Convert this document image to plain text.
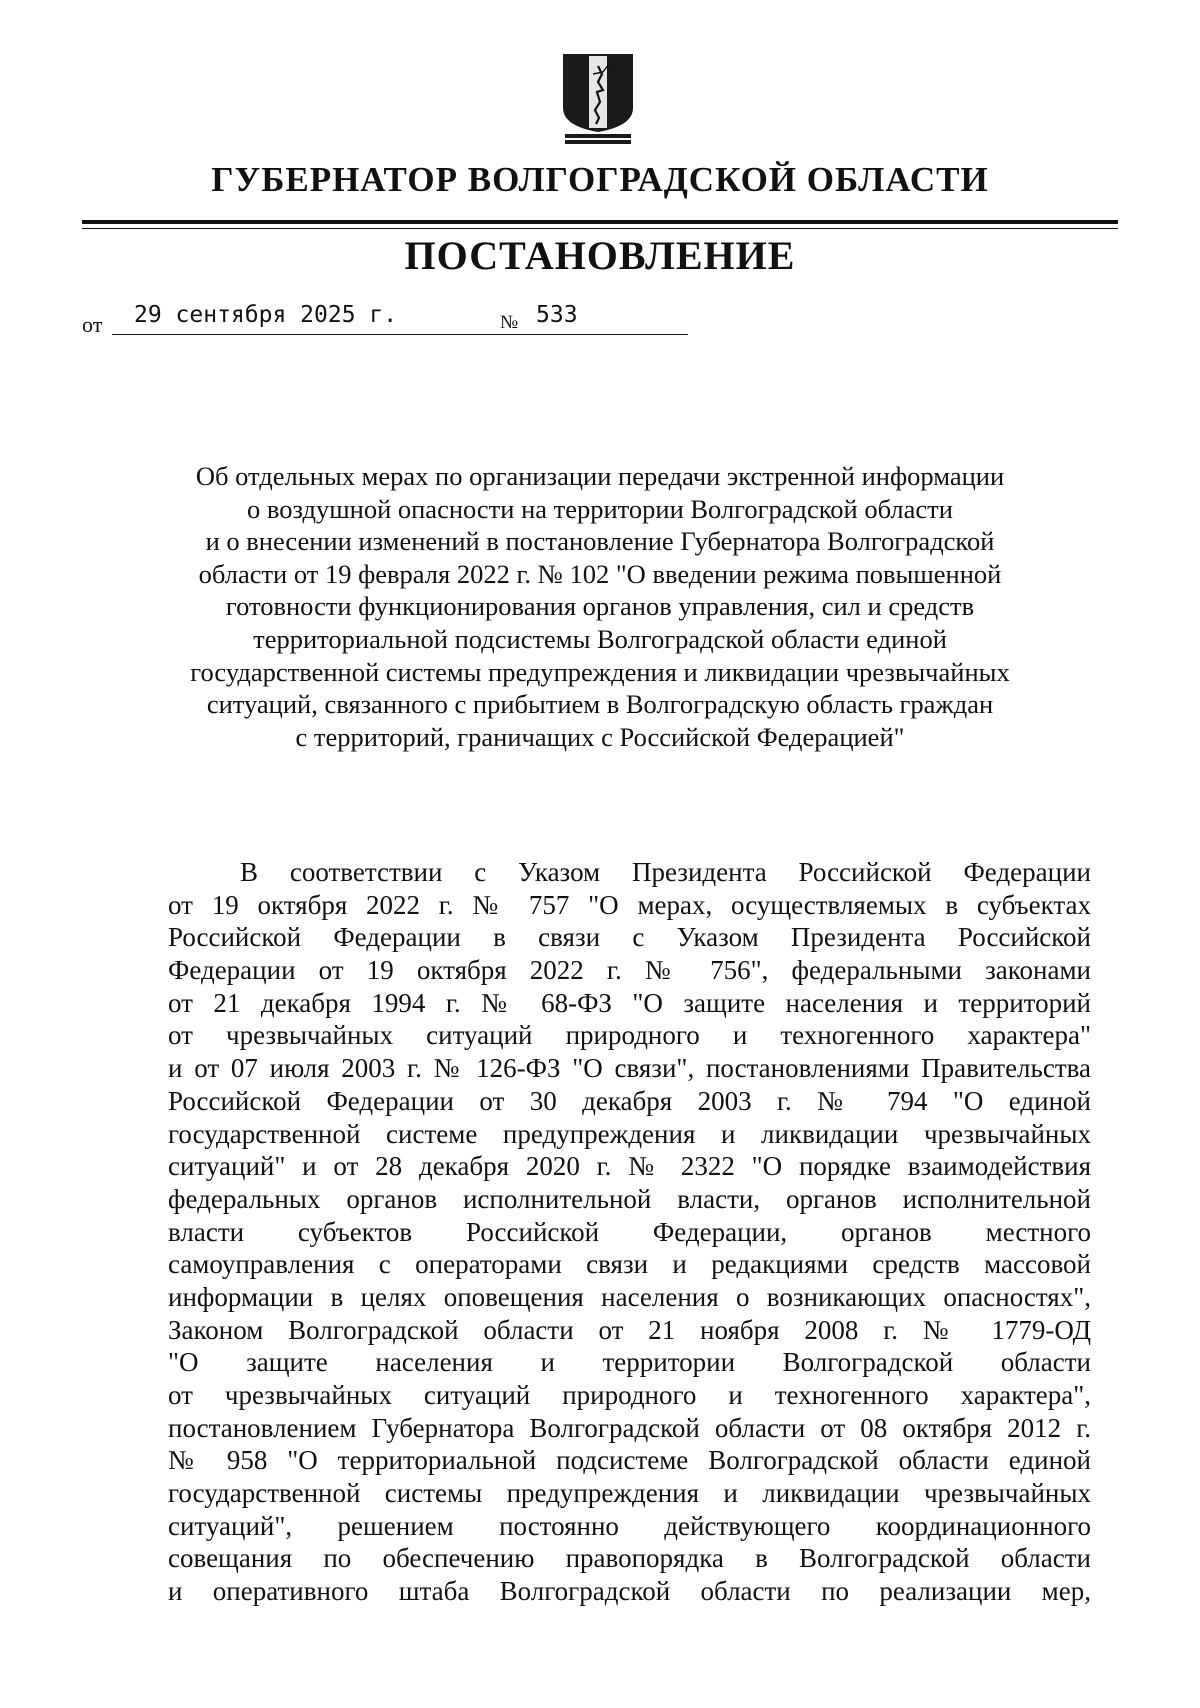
ГУБЕРНАТОР ВОЛГОГРАДСКОЙ ОБЛАСТИ
ПОСТАНОВЛЕНИЕ
от 29 сентября 2025 г.	№ 533
Об отдельных мерах по организации передачи экстренной информации
о воздушной опасности на территории Волгоградской области
и о внесении изменений в постановление Губернатора Волгоградской
области от 19 февраля 2022 г. № 102 "О введении режима повышенной
готовности функционирования органов управления, сил и средств
территориальной подсистемы Волгоградской области единой
государственной системы предупреждения и ликвидации чрезвычайных
ситуаций, связанного с прибытием в Волгоградскую область граждан
с территорий, граничащих с Российской Федерацией"
В соответствии с Указом Президента Российской Федерации
от 19 октября 2022 г. № 757 "О мерах, осуществляемых в субъектах
Российской Федерации в связи с Указом Президента Российской
Федерации от 19 октября 2022 г. № 756", федеральными законами
от 21 декабря 1994 г. № 68-ФЗ "О защите населения и территорий
от чрезвычайных ситуаций природного и техногенного характера"
и от 07 июля 2003 г. № 126-ФЗ "О связи", постановлениями Правительства
Российской Федерации от 30 декабря 2003 г. № 794 "О единой
государственной системе предупреждения и ликвидации чрезвычайных
ситуаций" и от 28 декабря 2020 г. № 2322 "О порядке взаимодействия
федеральных органов исполнительной власти, органов исполнительной
власти субъектов Российской Федерации, органов местного
самоуправления с операторами связи и редакциями средств массовой
информации в целях оповещения населения о возникающих опасностях",
Законом Волгоградской области от 21 ноября 2008 г. № 1779-ОД
"О защите населения и территории Волгоградской области
от чрезвычайных ситуаций природного и техногенного характера",
постановлением Губернатора Волгоградской области от 08 октября 2012 г.
№ 958 "О территориальной подсистеме Волгоградской области единой
государственной системы предупреждения и ликвидации чрезвычайных
ситуаций", решением постоянно действующего координационного
совещания по обеспечению правопорядка в Волгоградской области
и оперативного штаба Волгоградской области по реализации мер,
